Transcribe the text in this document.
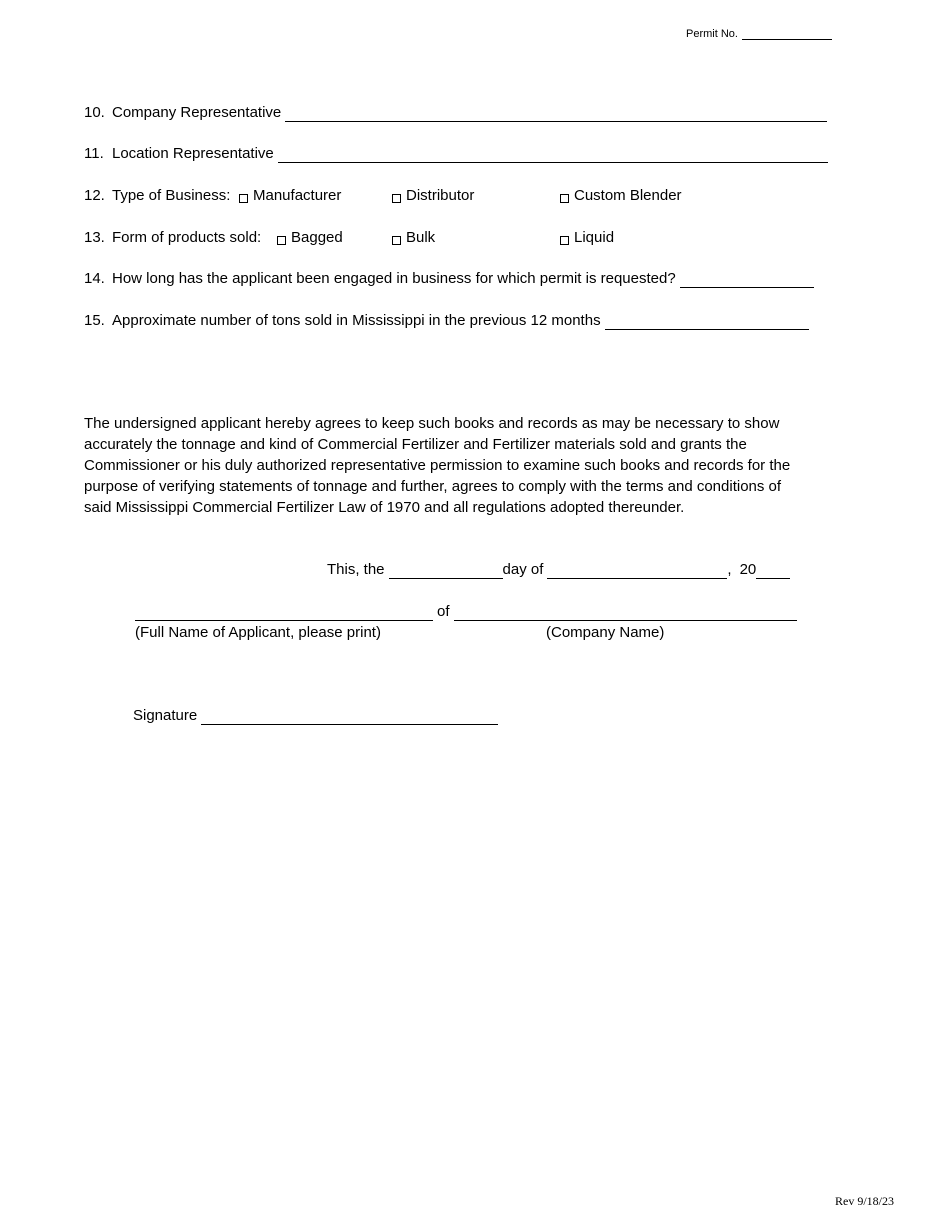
Permit No.
10. Company Representative
11. Location Representative
12. Type of Business: Manufacturer	Distributor	Custom Blender
13. Form of products sold: Bagged	Bulk	Liquid
14. How long has the applicant been engaged in business for which permit is requested?
15. Approximate number of tons sold in Mississippi in the previous 12 months
The undersigned applicant hereby agrees to keep such books and records as may be necessary to show
accurately the tonnage and kind of Commercial Fertilizer and Fertilizer materials sold and grants the
Commissioner or his duly authorized representative permission to examine such books and records for the
purpose of verifying statements of tonnage and further, agrees to comply with the terms and conditions of
said Mississippi Commercial Fertilizer Law of 1970 and all regulations adopted thereunder.
This, the	day of	, 20
of
(Full Name of Applicant, please print)	(Company Name)
Signature
Rev 9/18/23
